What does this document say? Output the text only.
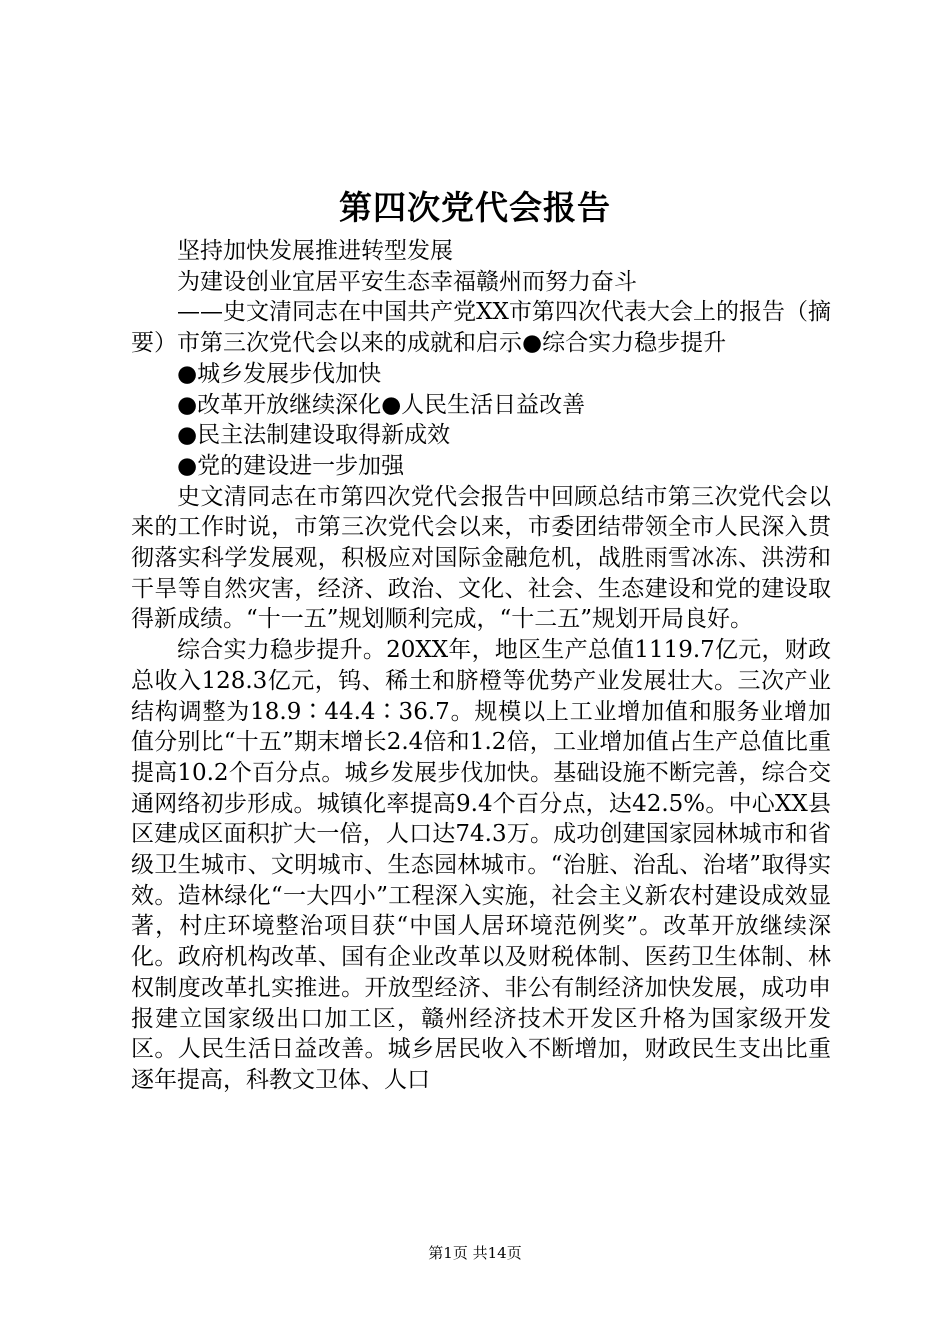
第四次党代会报告

坚持加快发展推进转型发展

为建设创业宜居平安生态幸福赣州而努力奋斗

——史文清同志在中国共产党XX市第四次代表大会上的报告（摘要）市第三次党代会以来的成就和启示●综合实力稳步提升

●城乡发展步伐加快

●改革开放继续深化●人民生活日益改善

●民主法制建设取得新成效

●党的建设进一步加强

史文清同志在市第四次党代会报告中回顾总结市第三次党代会以来的工作时说，市第三次党代会以来，市委团结带领全市人民深入贯彻落实科学发展观，积极应对国际金融危机，战胜雨雪冰冻、洪涝和干旱等自然灾害，经济、政治、文化、社会、生态建设和党的建设取得新成绩。“十一五”规划顺利完成，“十二五”规划开局良好。

综合实力稳步提升。20XX年，地区生产总值1119.7亿元，财政总收入128.3亿元，钨、稀土和脐橙等优势产业发展壮大。三次产业结构调整为18.9∶44.4∶36.7。规模以上工业增加值和服务业增加值分别比“十五”期末增长2.4倍和1.2倍，工业增加值占生产总值比重提高10.2个百分点。城乡发展步伐加快。基础设施不断完善，综合交通网络初步形成。城镇化率提高9.4个百分点，达42.5%。中心XX县区建成区面积扩大一倍，人口达74.3万。成功创建国家园林城市和省级卫生城市、文明城市、生态园林城市。“治脏、治乱、治堵”取得实效。造林绿化“一大四小”工程深入实施，社会主义新农村建设成效显著，村庄环境整治项目获“中国人居环境范例奖”。改革开放继续深化。政府机构改革、国有企业改革以及财税体制、医药卫生体制、林权制度改革扎实推进。开放型经济、非公有制经济加快发展，成功申报建立国家级出口加工区，赣州经济技术开发区升格为国家级开发区。人民生活日益改善。城乡居民收入不断增加，财政民生支出比重逐年提高，科教文卫体、人口

第1页 共14页
